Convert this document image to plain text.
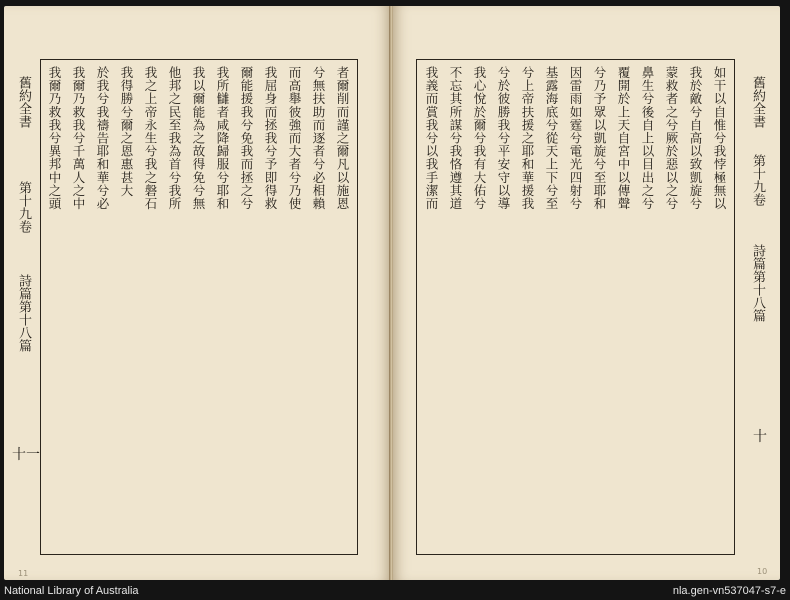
舊約全書
第十九卷
詩篇第十八篇
十一
11
者爾削而謹之爾凡以施恩
兮無扶助而逐者兮必相賴
而高舉彼強而大者兮乃使
我屈身而拯我兮予即得救
爾能援我兮免我而拯之兮
我所讎者咸降歸服兮耶和
我以爾能為之故得免兮無
他邦之民至我為首兮我所
我之上帝永生兮我之磐石
我得勝兮爾之恩惠甚大
於我兮我禱告耶和華兮必
我爾乃救我兮千萬人之中
我爾乃救我兮異邦中之頭	舊約全書
第十九卷
詩篇第十八篇
十
10
如干以自惟兮我悖極無以
我於敵兮自高以致凱旋兮
蒙救者之兮厥於惡以之兮
鼻生兮後自上以目出之兮
覆開於上天自宮中以傳聲
兮乃予眾以凱旋兮至耶和
因雷雨如霆兮電光四射兮
基露海底兮從天上下兮至
兮上帝扶援之耶和華援我
兮於彼勝我兮平安守以導
我心悅於爾兮我有大佑兮
不忘其所謀兮我恪遵其道
我義而賞我兮以我手潔而
National Library of Australia	nla.gen-vn537047-s7-e
